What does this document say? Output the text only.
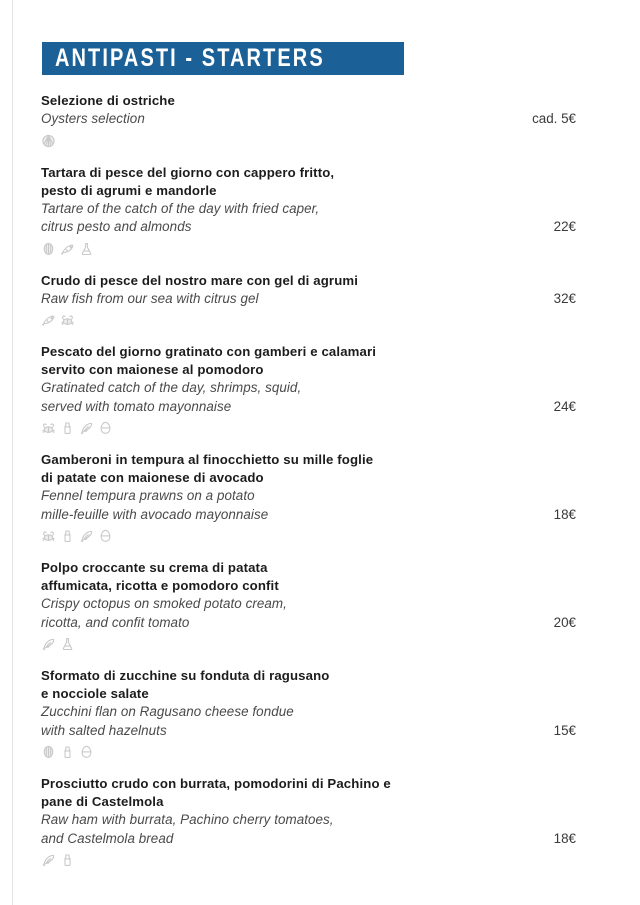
ANTIPASTI - STARTERS
Selezione di ostriche
Oysters selection	cad. 5€
Tartara di pesce del giorno con cappero fritto,
pesto di agrumi e mandorle
Tartare of the catch of the day with fried caper,
citrus pesto and almonds	22€
Crudo di pesce del nostro mare con gel di agrumi
Raw fish from our sea with citrus gel	32€
Pescato del giorno gratinato con gamberi e calamari
servito con maionese al pomodoro
Gratinated catch of the day, shrimps, squid,
served with tomato mayonnaise	24€
Gamberoni in tempura al finocchietto su mille foglie
di patate con maionese di avocado
Fennel tempura prawns on a potato
mille-feuille with avocado mayonnaise	18€
Polpo croccante su crema di patata
affumicata, ricotta e pomodoro confit
Crispy octopus on smoked potato cream,
ricotta, and confit tomato	20€
Sformato di zucchine su fonduta di ragusano
e nocciole salate
Zucchini flan on Ragusano cheese fondue
with salted hazelnuts	15€
Prosciutto crudo con burrata, pomodorini di Pachino e
pane di Castelmola
Raw ham with burrata, Pachino cherry tomatoes,
and Castelmola bread	18€
